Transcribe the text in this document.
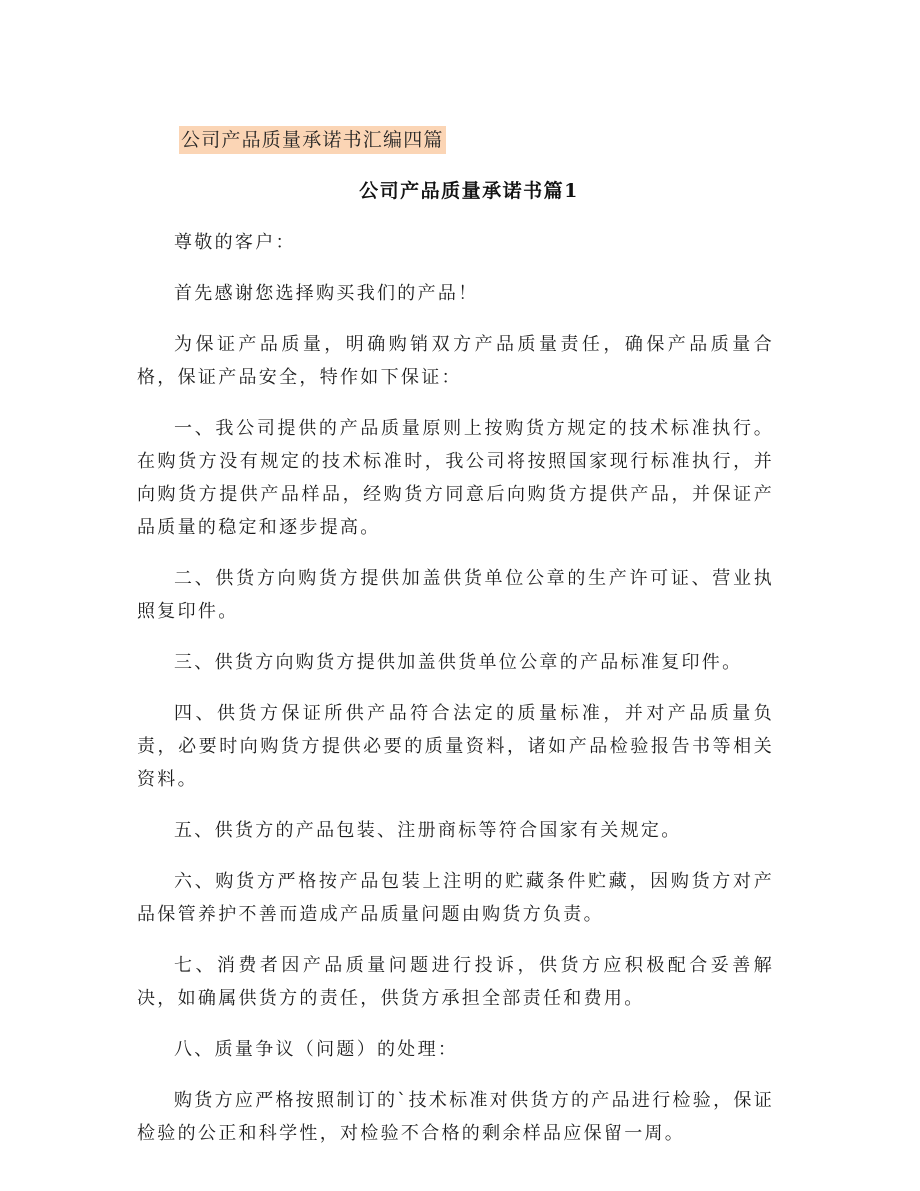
公司产品质量承诺书汇编四篇
公司产品质量承诺书篇1

尊敬的客户：

首先感谢您选择购买我们的产品！

为保证产品质量，明确购销双方产品质量责任，确保产品质量合格，保证产品安全，特作如下保证：

一、我公司提供的产品质量原则上按购货方规定的技术标准执行。在购货方没有规定的技术标准时，我公司将按照国家现行标准执行，并向购货方提供产品样品，经购货方同意后向购货方提供产品，并保证产品质量的稳定和逐步提高。

二、供货方向购货方提供加盖供货单位公章的生产许可证、营业执照复印件。

三、供货方向购货方提供加盖供货单位公章的产品标准复印件。

四、供货方保证所供产品符合法定的质量标准，并对产品质量负责，必要时向购货方提供必要的质量资料，诸如产品检验报告书等相关资料。

五、供货方的产品包装、注册商标等符合国家有关规定。

六、购货方严格按产品包装上注明的贮藏条件贮藏，因购货方对产品保管养护不善而造成产品质量问题由购货方负责。

七、消费者因产品质量问题进行投诉，供货方应积极配合妥善解决，如确属供货方的责任，供货方承担全部责任和费用。

八、质量争议（问题）的处理：

购货方应严格按照制订的`技术标准对供货方的产品进行检验，保证检验的公正和科学性，对检验不合格的剩余样品应保留一周。
